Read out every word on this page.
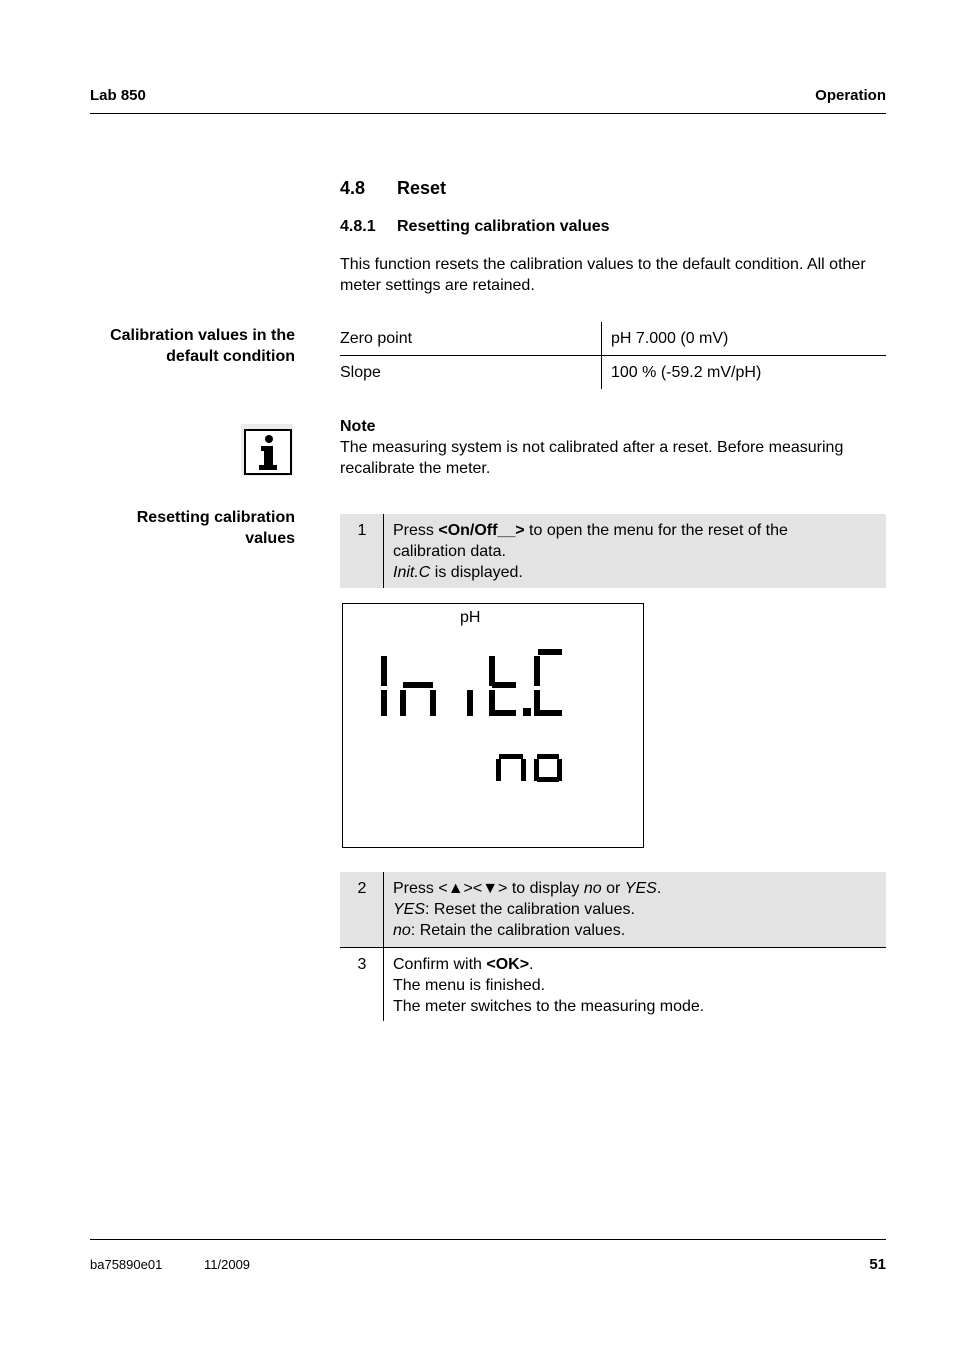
Lab 850	Operation
4.8 Reset
4.8.1 Resetting calibration values
This function resets the calibration values to the default condition. All other meter settings are retained.
Calibration values in the
default condition
Zero point	pH 7.000 (0 mV)
Slope	100 % (-59.2 mV/pH)
Note
The measuring system is not calibrated after a reset. Before measuring
recalibrate the meter.
Resetting calibration
values	1	Press <On/Off__> to open the menu for the reset of the
calibration data.
Init.C is displayed.
pH
2	Press <▲><▼> to display no or YES.
YES: Reset the calibration values.
no: Retain the calibration values.
3	Confirm with <OK>.
The menu is finished.
The meter switches to the measuring mode.
ba75890e01	11/2009	51
